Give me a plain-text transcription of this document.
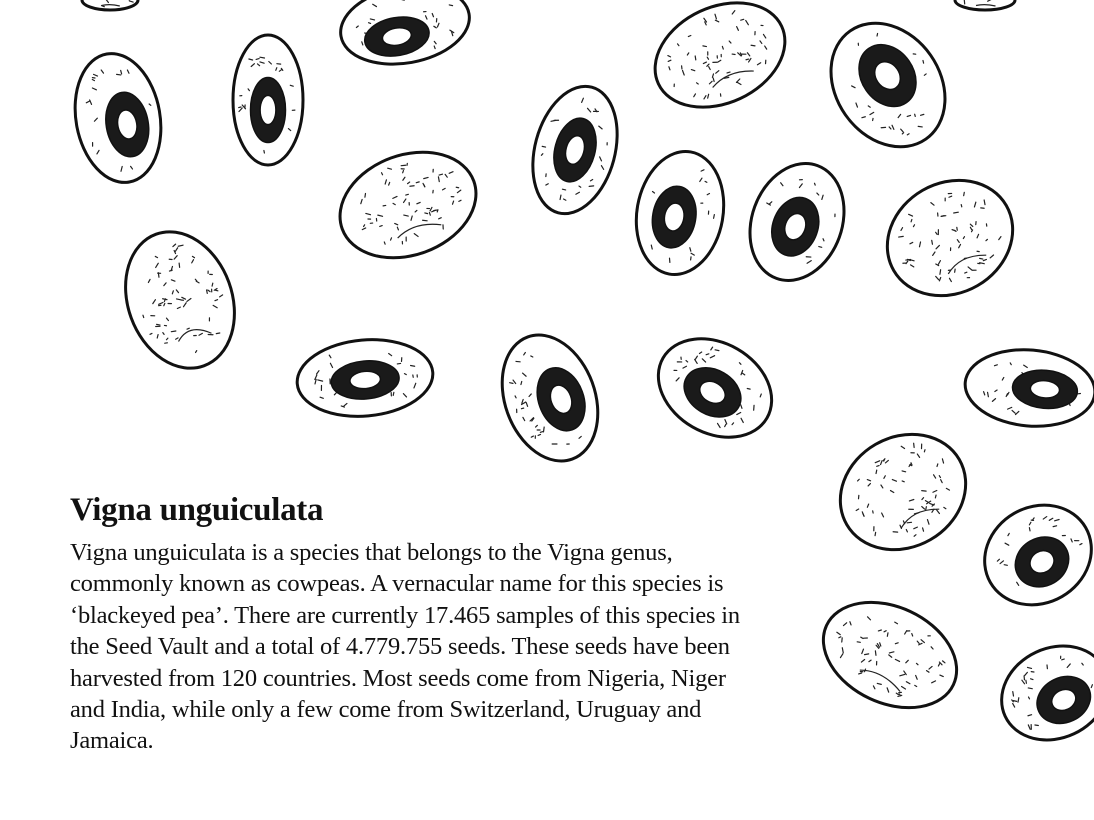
Vigna unguiculata

Vigna unguiculata is a species that belongs to the Vigna genus, commonly known as cowpeas. A vernacular name for this species is ‘blackeyed pea’. There are currently 17.465 samples of this species in the Seed Vault and a total of 4.779.755 seeds. These seeds have been harvested from 120 countries. Most seeds come from Nigeria, Niger and India, while only a few come from Switzerland, Uruguay and Jamaica.
